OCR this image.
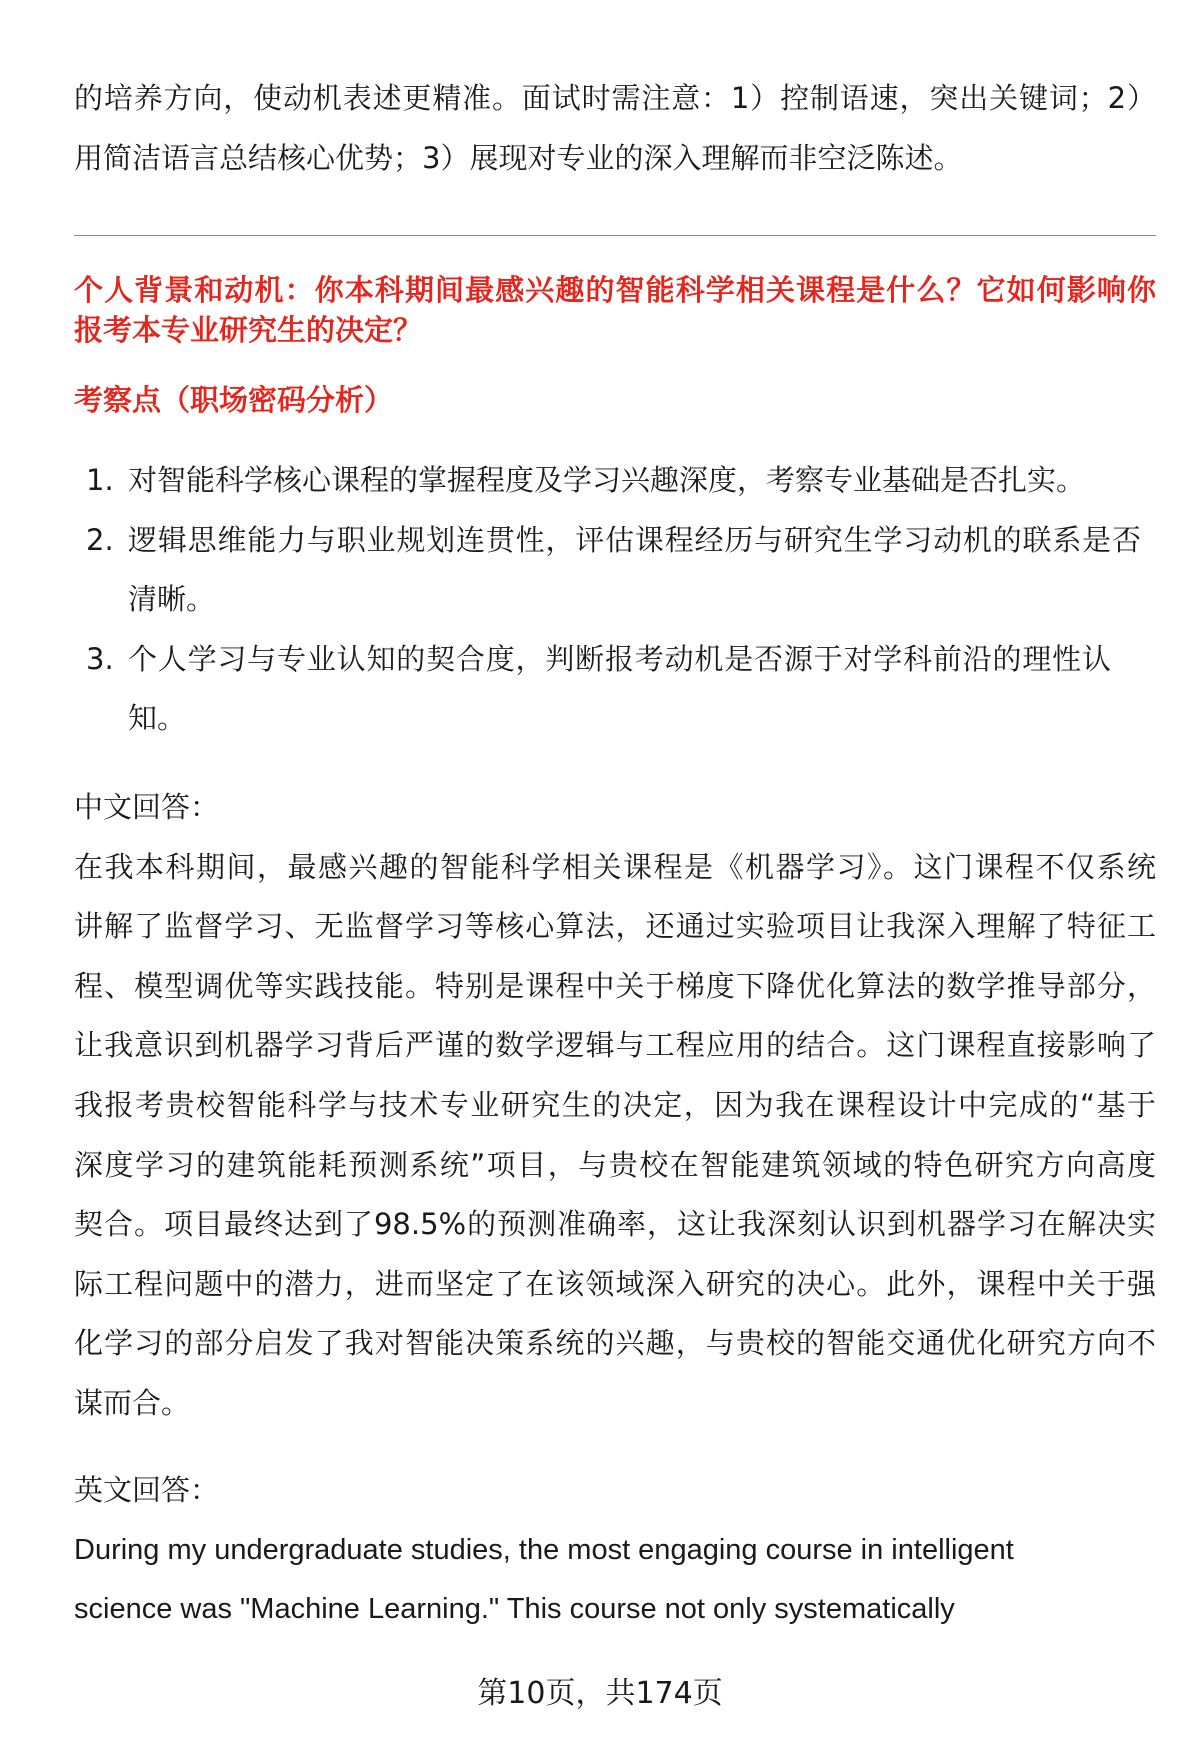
的培养方向，使动机表述更精准。面试时需注意：1）控制语速，突出关键词；2）
用简洁语言总结核心优势；3）展现对专业的深入理解而非空泛陈述。
个人背景和动机：你本科期间最感兴趣的智能科学相关课程是什么？它如何影响你
报考本专业研究生的决定？
考察点（职场密码分析）
1. 对智能科学核心课程的掌握程度及学习兴趣深度，考察专业基础是否扎实。
2. 逻辑思维能力与职业规划连贯性，评估课程经历与研究生学习动机的联系是否
清晰。
3. 个人学习与专业认知的契合度，判断报考动机是否源于对学科前沿的理性认
知。
中文回答：
在我本科期间，最感兴趣的智能科学相关课程是《机器学习》。这门课程不仅系统
讲解了监督学习、无监督学习等核心算法，还通过实验项目让我深入理解了特征工
程、模型调优等实践技能。特别是课程中关于梯度下降优化算法的数学推导部分，
让我意识到机器学习背后严谨的数学逻辑与工程应用的结合。这门课程直接影响了
我报考贵校智能科学与技术专业研究生的决定，因为我在课程设计中完成的“基于
深度学习的建筑能耗预测系统”项目，与贵校在智能建筑领域的特色研究方向高度
契合。项目最终达到了98.5%的预测准确率，这让我深刻认识到机器学习在解决实
际工程问题中的潜力，进而坚定了在该领域深入研究的决心。此外，课程中关于强
化学习的部分启发了我对智能决策系统的兴趣，与贵校的智能交通优化研究方向不
谋而合。
英文回答：
During my undergraduate studies, the most engaging course in intelligent
science was "Machine Learning." This course not only systematically
第10页，共174页
